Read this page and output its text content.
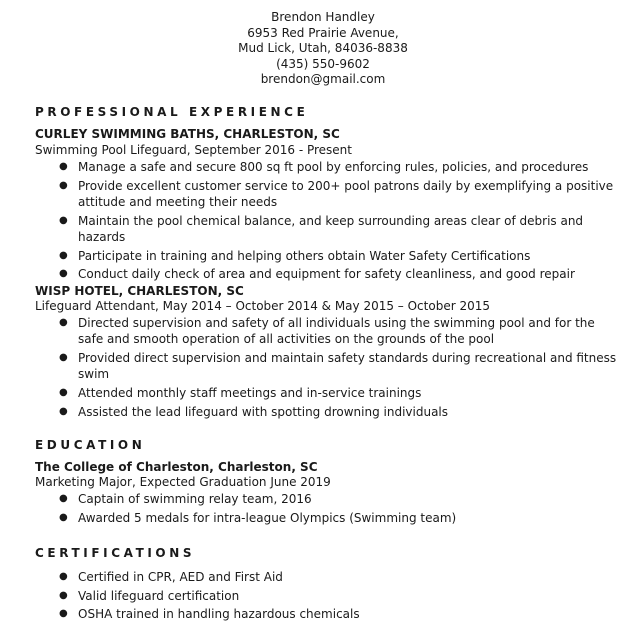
Brendon Handley
6953 Red Prairie Avenue,
Mud Lick, Utah, 84036-8838
(435) 550-9602
brendon@gmail.com
PROFESSIONAL EXPERIENCE
CURLEY SWIMMING BATHS, CHARLESTON, SC
Swimming Pool Lifeguard, September 2016 - Present
● Manage a safe and secure 800 sq ft pool by enforcing rules, policies, and procedures
● Provide excellent customer service to 200+ pool patrons daily by exemplifying a positive attitude and meeting their needs
● Maintain the pool chemical balance, and keep surrounding areas clear of debris and hazards
● Participate in training and helping others obtain Water Safety Certifications
● Conduct daily check of area and equipment for safety cleanliness, and good repair
WISP HOTEL, CHARLESTON, SC
Lifeguard Attendant, May 2014 – October 2014 & May 2015 – October 2015
● Directed supervision and safety of all individuals using the swimming pool and for the safe and smooth operation of all activities on the grounds of the pool
● Provided direct supervision and maintain safety standards during recreational and fitness swim
● Attended monthly staff meetings and in-service trainings
● Assisted the lead lifeguard with spotting drowning individuals
EDUCATION
The College of Charleston, Charleston, SC
Marketing Major, Expected Graduation June 2019
● Captain of swimming relay team, 2016
● Awarded 5 medals for intra-league Olympics (Swimming team)
CERTIFICATIONS
● Certified in CPR, AED and First Aid
● Valid lifeguard certification
● OSHA trained in handling hazardous chemicals
